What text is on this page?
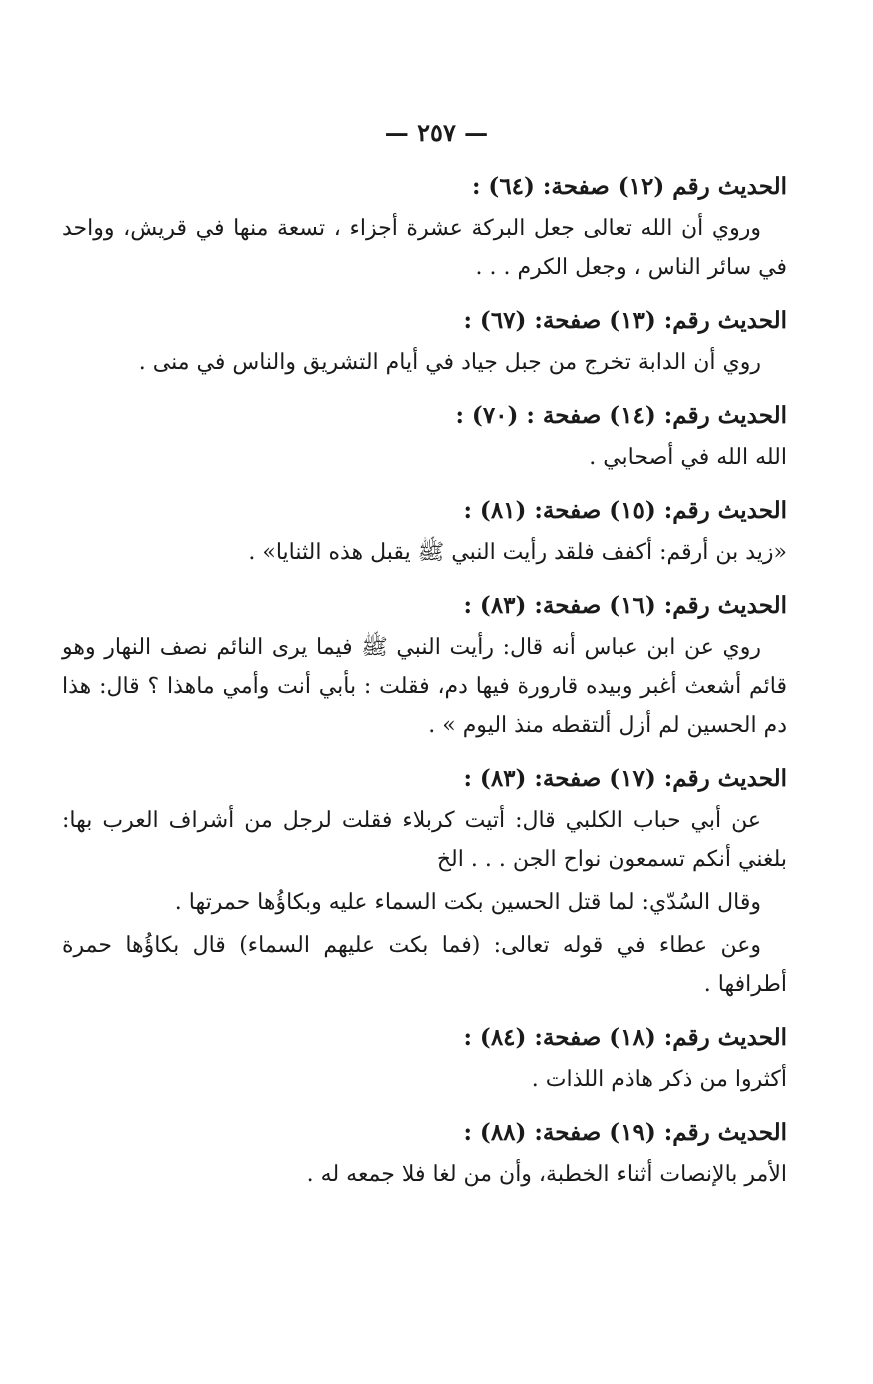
— ٢٥٧ —

الحديث رقم (١٢) صفحة: (٦٤) :

وروي أن الله تعالى جعل البركة عشرة أجزاء ، تسعة منها في قريش، وواحد في سائر الناس ، وجعل الكرم . . .

الحديث رقم: (١٣) صفحة: (٦٧) :

روي أن الدابة تخرج من جبل جياد في أيام التشريق والناس في منى .

الحديث رقم: (١٤) صفحة : (٧٠) :

الله الله في أصحابي .

الحديث رقم: (١٥) صفحة: (٨١) :

«زيد بن أرقم: أكفف فلقد رأيت النبي ﷺ يقبل هذه الثنايا» .

الحديث رقم: (١٦) صفحة: (٨٣) :

روي عن ابن عباس أنه قال: رأيت النبي ﷺ فيما يرى النائم نصف النهار وهو قائم أشعث أغبر وبيده قارورة فيها دم، فقلت : بأبي أنت وأمي ماهذا ؟ قال: هذا دم الحسين لم أزل ألتقطه منذ اليوم » .

الحديث رقم: (١٧) صفحة: (٨٣) :

عن أبي حباب الكلبي قال: أتيت كربلاء فقلت لرجل من أشراف العرب بها: بلغني أنكم تسمعون نواح الجن . . . الخ

وقال السُدّي: لما قتل الحسين بكت السماء عليه وبكاؤُها حمرتها .

وعن عطاء في قوله تعالى: (فما بكت عليهم السماء) قال بكاؤُها حمرة أطرافها .

الحديث رقم: (١٨) صفحة: (٨٤) :

أكثروا من ذكر هاذم اللذات .

الحديث رقم: (١٩) صفحة: (٨٨) :

الأمر بالإنصات أثناء الخطبة، وأن من لغا فلا جمعه له .
